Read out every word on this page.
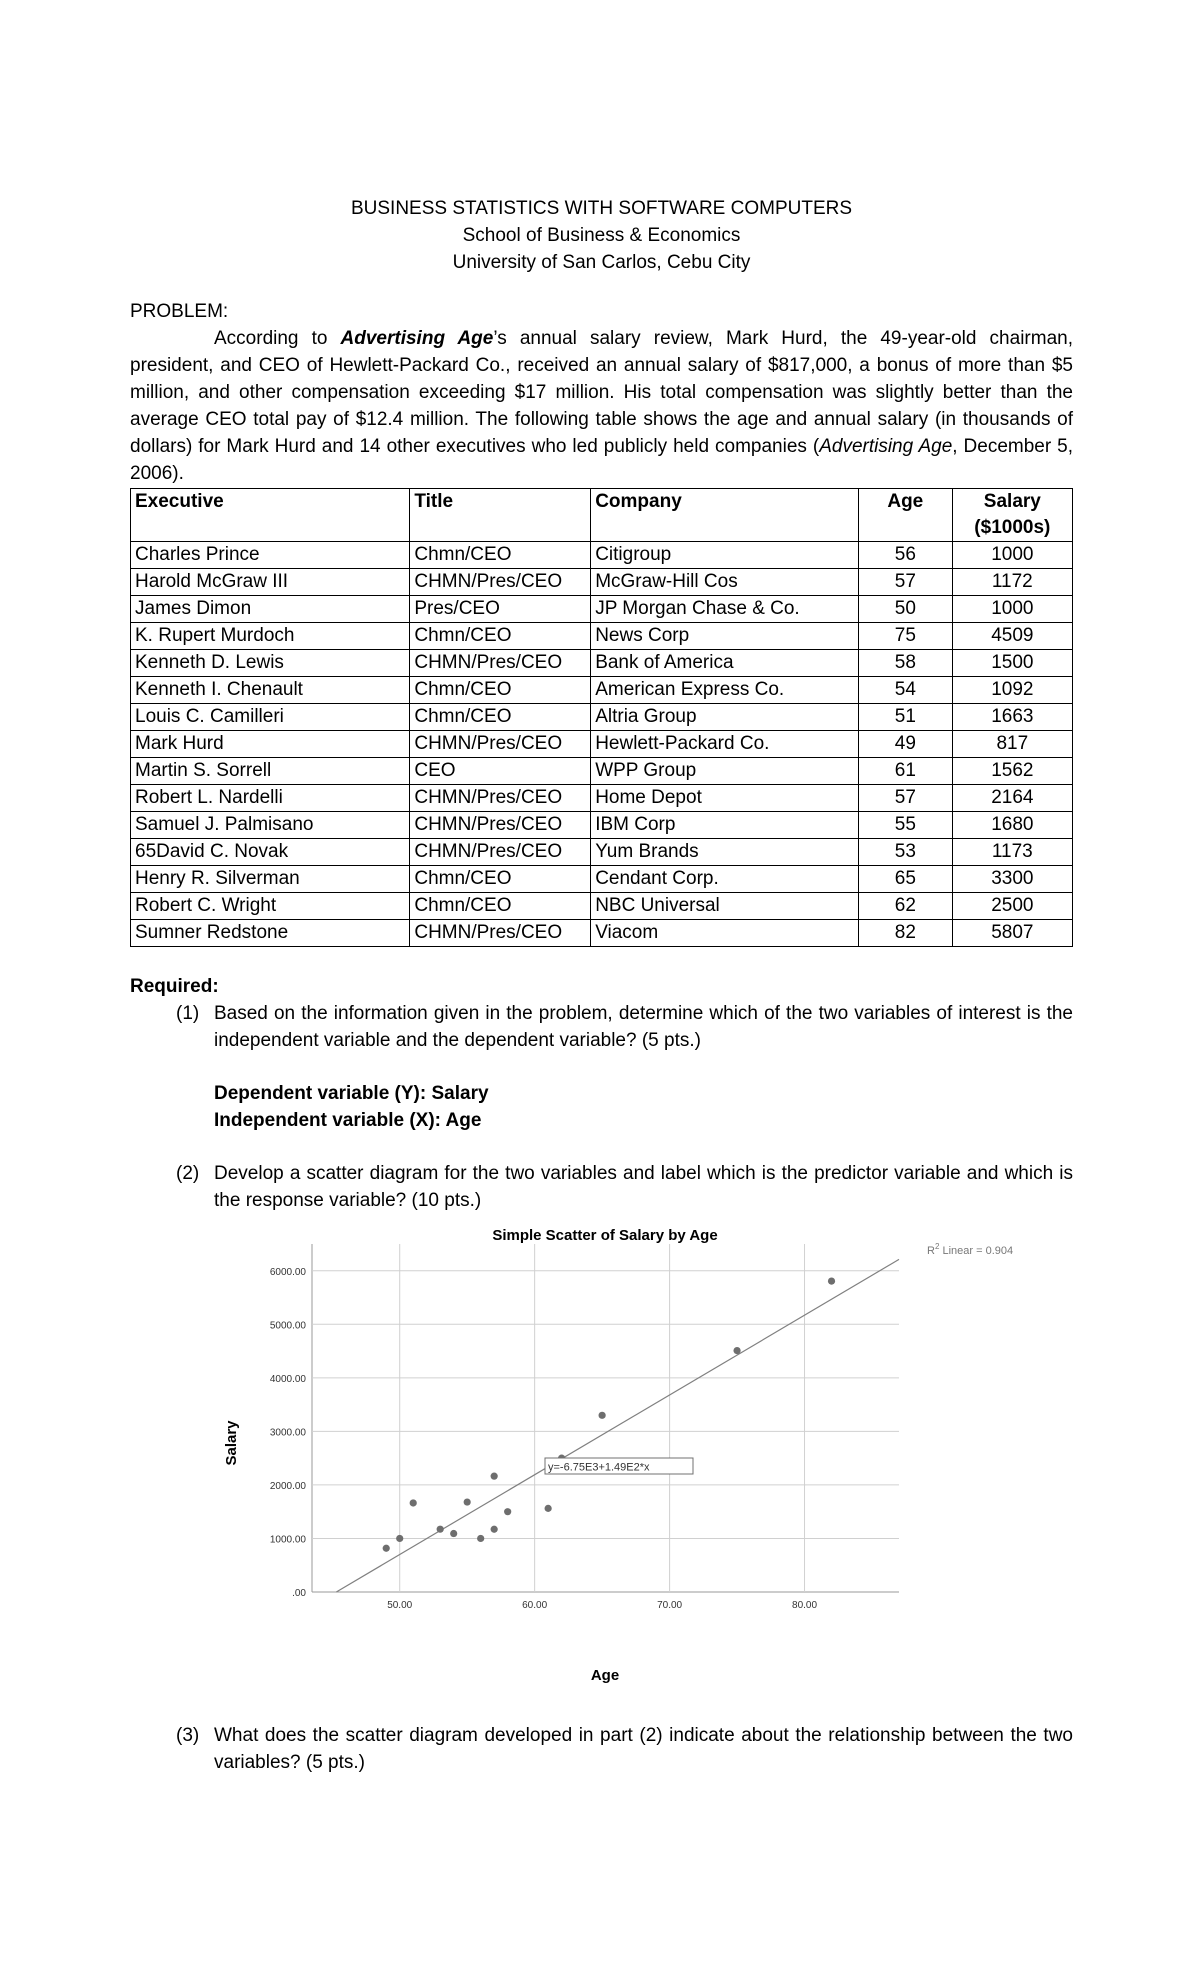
BUSINESS STATISTICS WITH SOFTWARE COMPUTERS
School of Business & Economics
University of San Carlos, Cebu City
PROBLEM:

According to Advertising Age’s annual salary review, Mark Hurd, the 49-year-old chairman, president, and CEO of Hewlett-Packard Co., received an annual salary of $817,000, a bonus of more than $5 million, and other compensation exceeding $17 million. His total compensation was slightly better than the average CEO total pay of $12.4 million. The following table shows the age and annual salary (in thousands of dollars) for Mark Hurd and 14 other executives who led publicly held companies (Advertising Age, December 5, 2006).

Executive	Title	Company	Age	Salary ($1000s)
Charles Prince	Chmn/CEO	Citigroup	56	1000
Harold McGraw III	CHMN/Pres/CEO	McGraw-Hill Cos	57	1172
James Dimon	Pres/CEO	JP Morgan Chase & Co.	50	1000
K. Rupert Murdoch	Chmn/CEO	News Corp	75	4509
Kenneth D. Lewis	CHMN/Pres/CEO	Bank of America	58	1500
Kenneth I. Chenault	Chmn/CEO	American Express Co.	54	1092
Louis C. Camilleri	Chmn/CEO	Altria Group	51	1663
Mark Hurd	CHMN/Pres/CEO	Hewlett-Packard Co.	49	817
Martin S. Sorrell	CEO	WPP Group	61	1562
Robert L. Nardelli	CHMN/Pres/CEO	Home Depot	57	2164
Samuel J. Palmisano	CHMN/Pres/CEO	IBM Corp	55	1680
65David C. Novak	CHMN/Pres/CEO	Yum Brands	53	1173
Henry R. Silverman	Chmn/CEO	Cendant Corp.	65	3300
Robert C. Wright	Chmn/CEO	NBC Universal	62	2500
Sumner Redstone	CHMN/Pres/CEO	Viacom	82	5807
Required:
(1) Based on the information given in the problem, determine which of the two variables of interest is the independent variable and the dependent variable? (5 pts.)
Dependent variable (Y): Salary
Independent variable (X): Age
(2) Develop a scatter diagram for the two variables and label which is the predictor variable and which is the response variable? (10 pts.)
Simple Scatter of Salary by Age
.00
1000.00
2000.00
3000.00
4000.00
5000.00
6000.00
50.00	60.00	70.00	80.00
y=-6.75E3+1.49E2*x
$R^2$ Linear = 0.904
Age
Salary
(3) What does the scatter diagram developed in part (2) indicate about the relationship between the two variables? (5 pts.)
